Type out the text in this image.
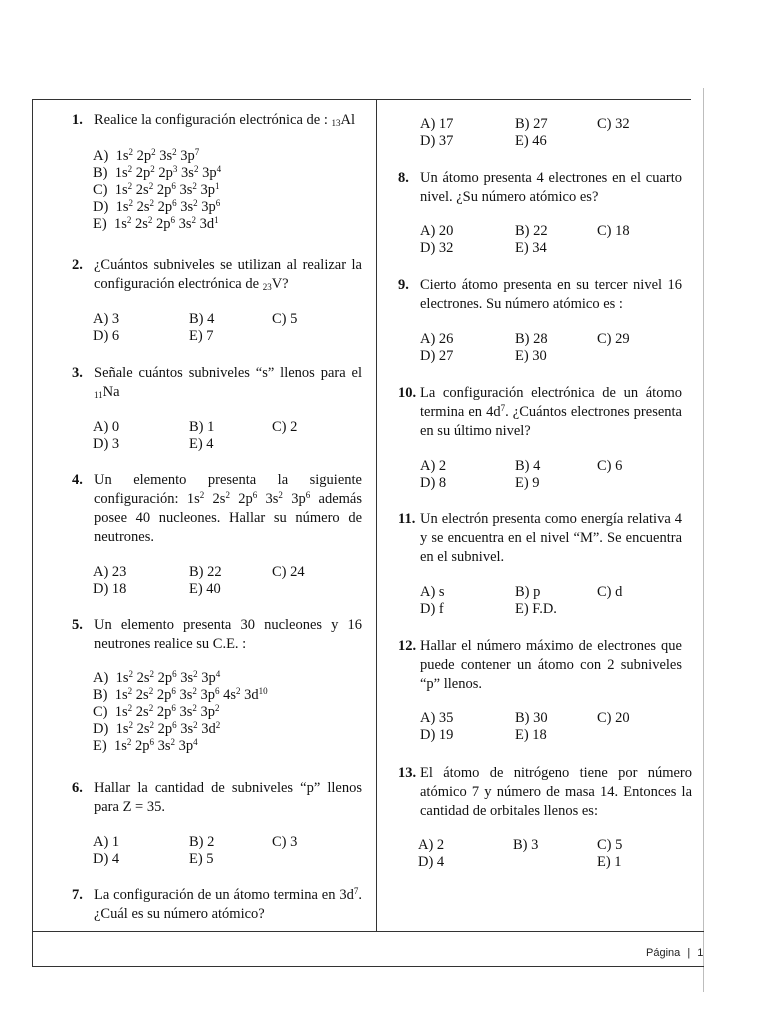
1. Realice la configuración electrónica de : $_{13}$Al
A)  $1s^2$ $2p^2$ $3s^2$ $3p^7$
B)  $1s^2$ $2p^2$ $2p^3$ $3s^2$ $3p^4$
C)  $1s^2$ $2s^2$ $2p^6$ $3s^2$ $3p^1$
D)  $1s^2$ $2s^2$ $2p^6$ $3s^2$ $3p^6$
E)  $1s^2$ $2s^2$ $2p^6$ $3s^2$ $3d^1$
2. ¿Cuántos subniveles se utilizan al realizar la configuración electrónica de $_{23}$V?
A) 3	B) 4	C) 5
D) 6	E) 7
3. Señale cuántos subniveles “s” llenos para el $_{11}$Na
A) 0	B) 1	C) 2
D) 3	E) 4
4. Un elemento presenta la siguiente configuración: $1s^2$ $2s^2$ $2p^6$ $3s^2$ $3p^6$ además posee 40 nucleones. Hallar su número de neutrones.
A) 23	B) 22	C) 24
D) 18	E) 40
5. Un elemento presenta 30 nucleones y 16 neutrones realice su C.E. :
A)  $1s^2$ $2s^2$ $2p^6$ $3s^2$ $3p^4$
B)  $1s^2$ $2s^2$ $2p^6$ $3s^2$ $3p^6$ $4s^2$ $3d^{10}$
C)  $1s^2$ $2s^2$ $2p^6$ $3s^2$ $3p^2$
D)  $1s^2$ $2s^2$ $2p^6$ $3s^2$ $3d^2$
E)  $1s^2$ $2p^6$ $3s^2$ $3p^4$
6. Hallar la cantidad de subniveles “p” llenos para Z = 35.
A) 1	B) 2	C) 3
D) 4	E) 5
7. La configuración de un átomo termina en $3d^7$. ¿Cuál es su número atómico?
A) 17	B) 27	C) 32
D) 37	E) 46
8. Un átomo presenta 4 electrones en el cuarto nivel. ¿Su número atómico es?
A) 20	B) 22	C) 18
D) 32	E) 34
9. Cierto átomo presenta en su tercer nivel 16 electrones. Su número atómico es :
A) 26	B) 28	C) 29
D) 27	E) 30
10. La configuración electrónica de un átomo termina en $4d^7$. ¿Cuántos electrones presenta en su último nivel?
A) 2	B) 4	C) 6
D) 8	E) 9
11. Un electrón presenta como energía relativa 4 y se encuentra en el nivel “M”. Se encuentra en el subnivel.
A) s	B) p	C) d
D) f	E) F.D.
12. Hallar el número máximo de electrones que puede contener un átomo con 2 subniveles “p” llenos.
A) 35	B) 30	C) 20
D) 19	E) 18
13. El átomo de nitrógeno tiene por número atómico 7 y número de masa 14. Entonces la cantidad de orbitales llenos es:
A) 2	B) 3	C) 5
D) 4	E) 1
Página | 1
